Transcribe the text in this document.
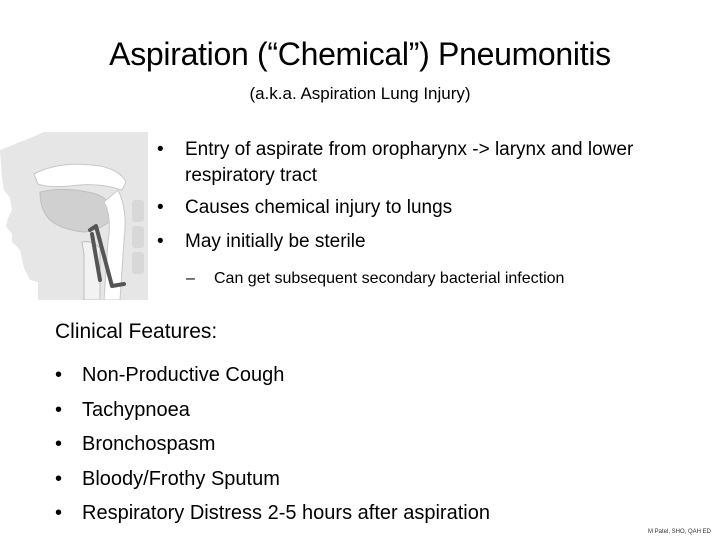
Aspiration (“Chemical”) Pneumonitis
(a.k.a. Aspiration Lung Injury)
• Entry of aspirate from oropharynx -> larynx and lower respiratory tract
• Causes chemical injury to lungs
• May initially be sterile
– Can get subsequent secondary bacterial infection
Clinical Features:
• Non-Productive Cough
• Tachypnoea
• Bronchospasm
• Bloody/Frothy Sputum
• Respiratory Distress 2-5 hours after aspiration
M Patel, SHO, QAH ED
